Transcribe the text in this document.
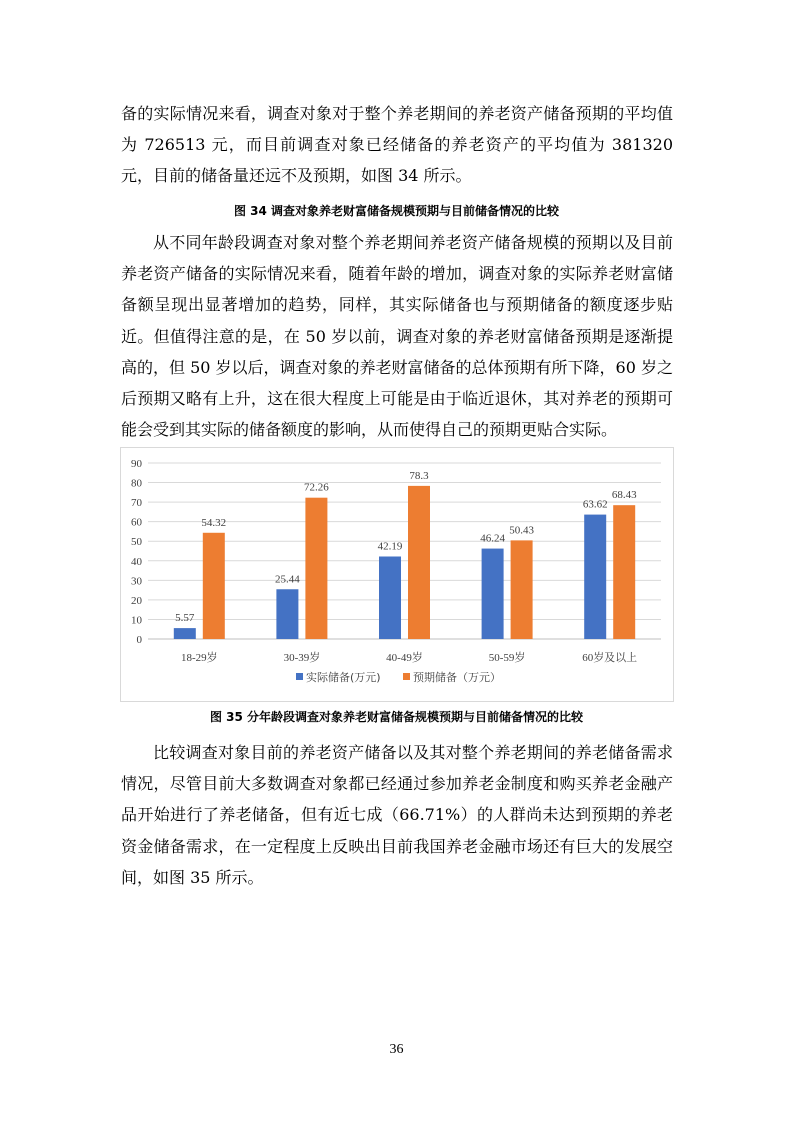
备的实际情况来看，调查对象对于整个养老期间的养老资产储备预期的平均值为 726513 元，而目前调查对象已经储备的养老资产的平均值为 381320 元，目前的储备量还远不及预期，如图 34 所示。

图 34 调查对象养老财富储备规模预期与目前储备情况的比较

从不同年龄段调查对象对整个养老期间养老资产储备规模的预期以及目前养老资产储备的实际情况来看，随着年龄的增加，调查对象的实际养老财富储备额呈现出显著增加的趋势，同样，其实际储备也与预期储备的额度逐步贴近。但值得注意的是，在 50 岁以前，调查对象的养老财富储备预期是逐渐提高的，但 50 岁以后，调查对象的养老财富储备的总体预期有所下降，60 岁之后预期又略有上升，这在很大程度上可能是由于临近退休，其对养老的预期可能会受到其实际的储备额度的影响，从而使得自己的预期更贴合实际。

0
10
20
30
40
50
60
70
80
90
18-29岁
5.57
54.32
30-39岁
25.44
72.26
40-49岁
42.19
78.3
50-59岁
46.24
50.43
60岁及以上
63.62
68.43
实际储备(万元)	预期储备（万元）
图 35 分年龄段调查对象养老财富储备规模预期与目前储备情况的比较

比较调查对象目前的养老资产储备以及其对整个养老期间的养老储备需求情况，尽管目前大多数调查对象都已经通过参加养老金制度和购买养老金融产品开始进行了养老储备，但有近七成（66.71%）的人群尚未达到预期的养老资金储备需求，在一定程度上反映出目前我国养老金融市场还有巨大的发展空间，如图 35 所示。

36
